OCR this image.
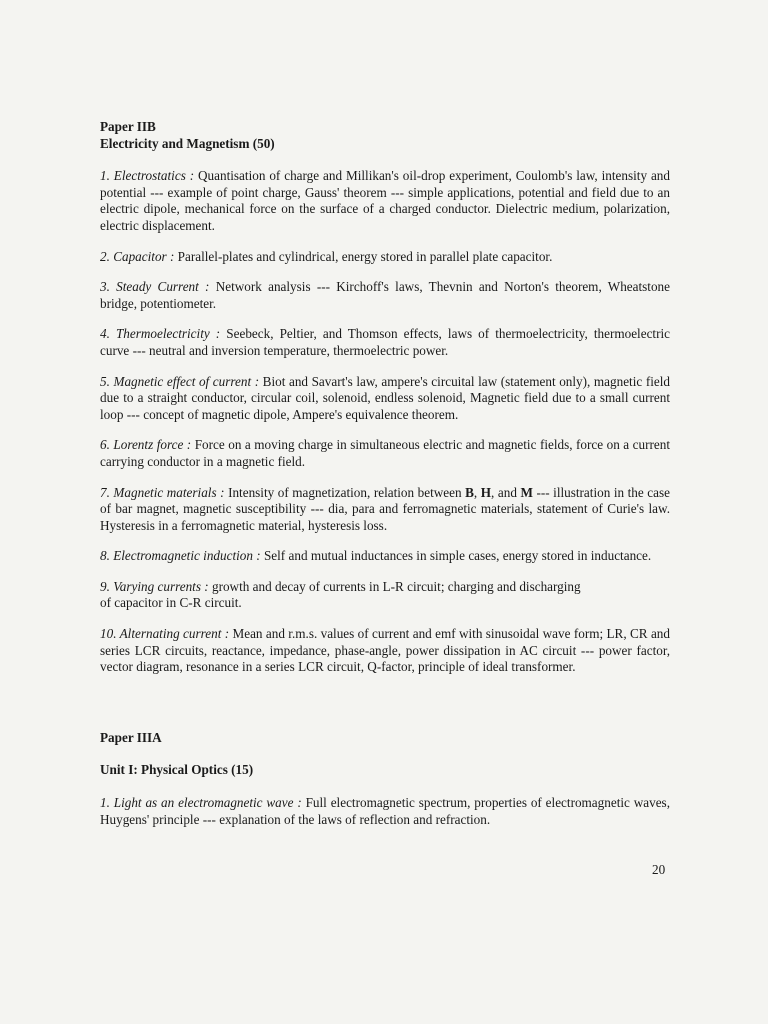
Paper IIB

Electricity and Magnetism (50)

1. Electrostatics : Quantisation of charge and Millikan's oil-drop experiment, Coulomb's law, intensity and potential --- example of point charge, Gauss' theorem --- simple applications, potential and field due to an electric dipole, mechanical force on the surface of a charged conductor. Dielectric medium, polarization, electric displacement.

2. Capacitor : Parallel-plates and cylindrical, energy stored in parallel plate capacitor.

3. Steady Current : Network analysis --- Kirchoff's laws, Thevnin and Norton's theorem, Wheatstone bridge, potentiometer.

4. Thermoelectricity : Seebeck, Peltier, and Thomson effects, laws of thermoelectricity, thermoelectric curve --- neutral and inversion temperature, thermoelectric power.

5. Magnetic effect of current : Biot and Savart's law, ampere's circuital law (statement only), magnetic field due to a straight conductor, circular coil, solenoid, endless solenoid, Magnetic field due to a small current loop --- concept of magnetic dipole, Ampere's equivalence theorem.

6. Lorentz force : Force on a moving charge in simultaneous electric and magnetic fields, force on a current carrying conductor in a magnetic field.

7. Magnetic materials : Intensity of magnetization, relation between B, H, and M --- illustration in the case of bar magnet, magnetic susceptibility --- dia, para and ferromagnetic materials, statement of Curie's law. Hysteresis in a ferromagnetic material, hysteresis loss.

8. Electromagnetic induction : Self and mutual inductances in simple cases, energy stored in inductance.

9. Varying currents : growth and decay of currents in L-R circuit; charging and discharging
of capacitor in C-R circuit.

10. Alternating current : Mean and r.m.s. values of current and emf with sinusoidal wave form; LR, CR and series LCR circuits, reactance, impedance, phase-angle, power dissipation in AC circuit --- power factor, vector diagram, resonance in a series LCR circuit, Q-factor, principle of ideal transformer.

Paper IIIA

Unit I: Physical Optics (15)

1. Light as an electromagnetic wave : Full electromagnetic spectrum, properties of electromagnetic waves, Huygens' principle --- explanation of the laws of reflection and refraction.

20
